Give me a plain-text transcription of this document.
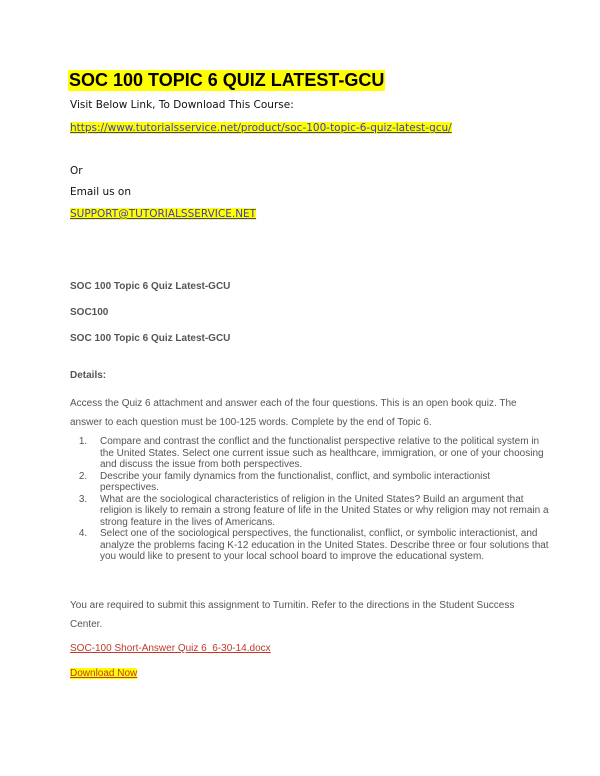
SOC 100 TOPIC 6 QUIZ LATEST-GCU
Visit Below Link, To Download This Course:
https://www.tutorialsservice.net/product/soc-100-topic-6-quiz-latest-gcu/
Or
Email us on
SUPPORT@TUTORIALSSERVICE.NET
SOC 100 Topic 6 Quiz Latest-GCU
SOC100
SOC 100 Topic 6 Quiz Latest-GCU
Details:
Access the Quiz 6 attachment and answer each of the four questions. This is an open book quiz. The answer to each question must be 100-125 words. Complete by the end of Topic 6.
1. Compare and contrast the conflict and the functionalist perspective relative to the political system in the United States. Select one current issue such as healthcare, immigration, or one of your choosing and discuss the issue from both perspectives.
2. Describe your family dynamics from the functionalist, conflict, and symbolic interactionist perspectives.
3. What are the sociological characteristics of religion in the United States? Build an argument that religion is likely to remain a strong feature of life in the United States or why religion may not remain a strong feature in the lives of Americans.
4. Select one of the sociological perspectives, the functionalist, conflict, or symbolic interactionist, and analyze the problems facing K-12 education in the United States. Describe three or four solutions that you would like to present to your local school board to improve the educational system.
You are required to submit this assignment to Turnitin. Refer to the directions in the Student Success Center.
SOC-100 Short-Answer Quiz 6_6-30-14.docx
Download Now
